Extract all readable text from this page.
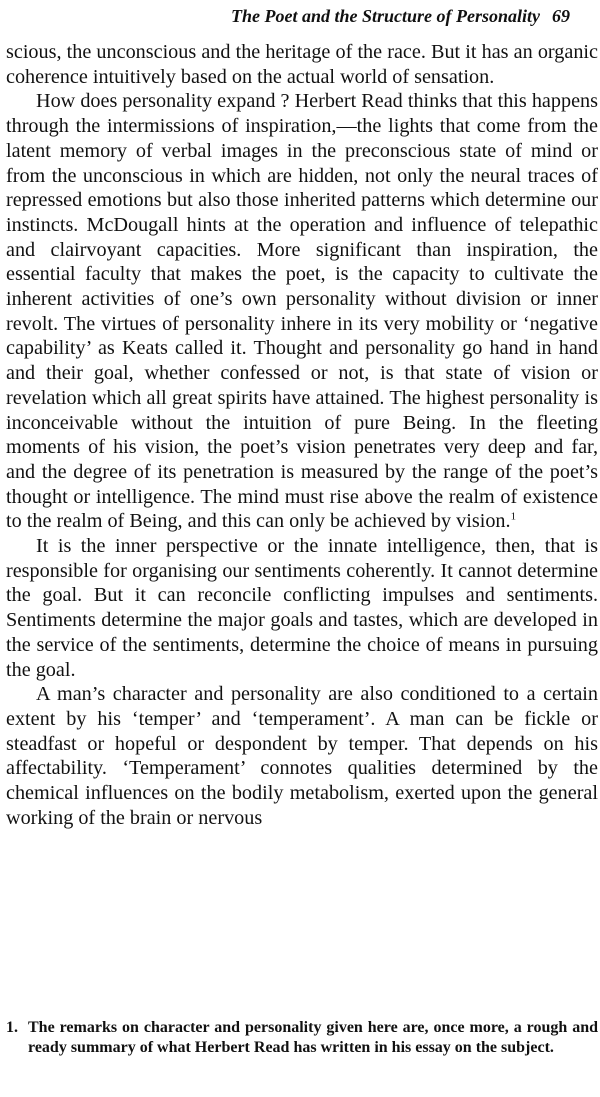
The Poet and the Structure of Personality 69

scious, the unconscious and the heritage of the race. But it has an organic coherence intuitively based on the actual world of sensation.

How does personality expand ? Herbert Read thinks that this happens through the intermissions of inspiration,—the lights that come from the latent memory of verbal images in the preconscious state of mind or from the unconscious in which are hidden, not only the neural traces of repressed emotions but also those inherited patterns which determine our instincts. McDougall hints at the operation and influence of telepathic and clairvoyant capacities. More significant than inspiration, the essential faculty that makes the poet, is the capacity to cultivate the inherent activities of one’s own personality without division or inner revolt. The virtues of personality inhere in its very mobility or ‘negative capability’ as Keats called it. Thought and personality go hand in hand and their goal, whether confessed or not, is that state of vision or revelation which all great spirits have attained. The highest personality is inconceivable without the intuition of pure Being. In the fleeting moments of his vision, the poet’s vision penetrates very deep and far, and the degree of its penetration is measured by the range of the poet’s thought or intelligence. The mind must rise above the realm of existence to the realm of Being, and this can only be achieved by vision.$^1$

It is the inner perspective or the innate intelligence, then, that is responsible for organising our sentiments coherently. It cannot determine the goal. But it can reconcile conflicting impulses and sentiments. Sentiments determine the major goals and tastes, which are developed in the service of the sentiments, determine the choice of means in pursuing the goal.

A man’s character and personality are also conditioned to a certain extent by his ‘temper’ and ‘temperament’. A man can be fickle or steadfast or hopeful or despondent by temper. That depends on his affectability. ‘Temperament’ connotes qualities determined by the chemical influences on the bodily metabolism, exerted upon the general working of the brain or nervous

1. The remarks on character and personality given here are, once more, a rough and ready summary of what Herbert Read has written in his essay on the subject.
